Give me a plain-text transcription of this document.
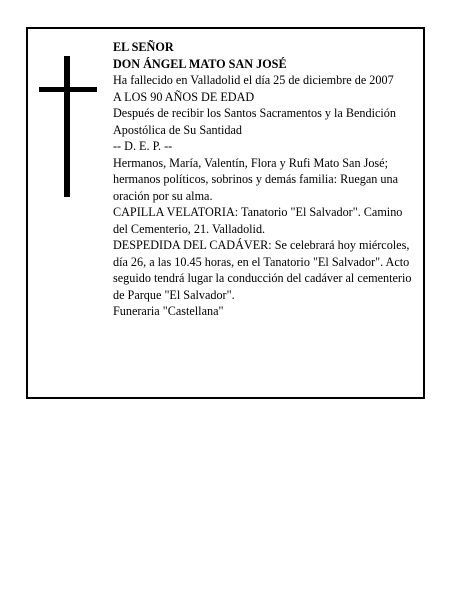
EL SEÑOR

DON ÁNGEL MATO SAN JOSÉ

Ha fallecido en Valladolid el día 25 de diciembre de 2007

A LOS 90 AÑOS DE EDAD

Después de recibir los Santos Sacramentos y la Bendición Apostólica de Su Santidad

-- D. E. P. --

Hermanos, María, Valentín, Flora y Rufi Mato San José; hermanos políticos, sobrinos y demás familia: Ruegan una oración por su alma.

CAPILLA VELATORIA: Tanatorio "El Salvador". Camino del Cementerio, 21. Valladolid.

DESPEDIDA DEL CADÁVER: Se celebrará hoy miércoles, día 26, a las 10.45 horas, en el Tanatorio "El Salvador". Acto seguido tendrá lugar la conducción del cadáver al cementerio de Parque "El Salvador".

Funeraria "Castellana"
